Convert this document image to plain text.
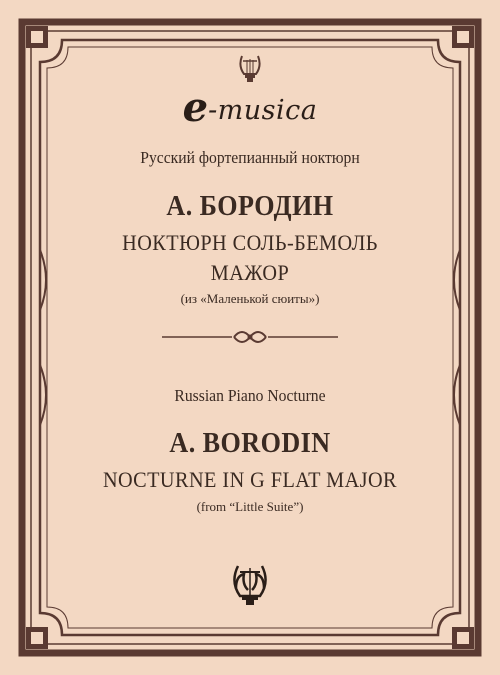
e-musica
Русский фортепианный ноктюрн
А. БОРОДИН
НОКТЮРН СОЛЬ-БЕМОЛЬ
МАЖОР
(из «Маленькой сюиты»)
Russian Piano Nocturne
A. BORODIN
NOCTURNE IN G FLAT MAJOR
(from “Little Suite”)
